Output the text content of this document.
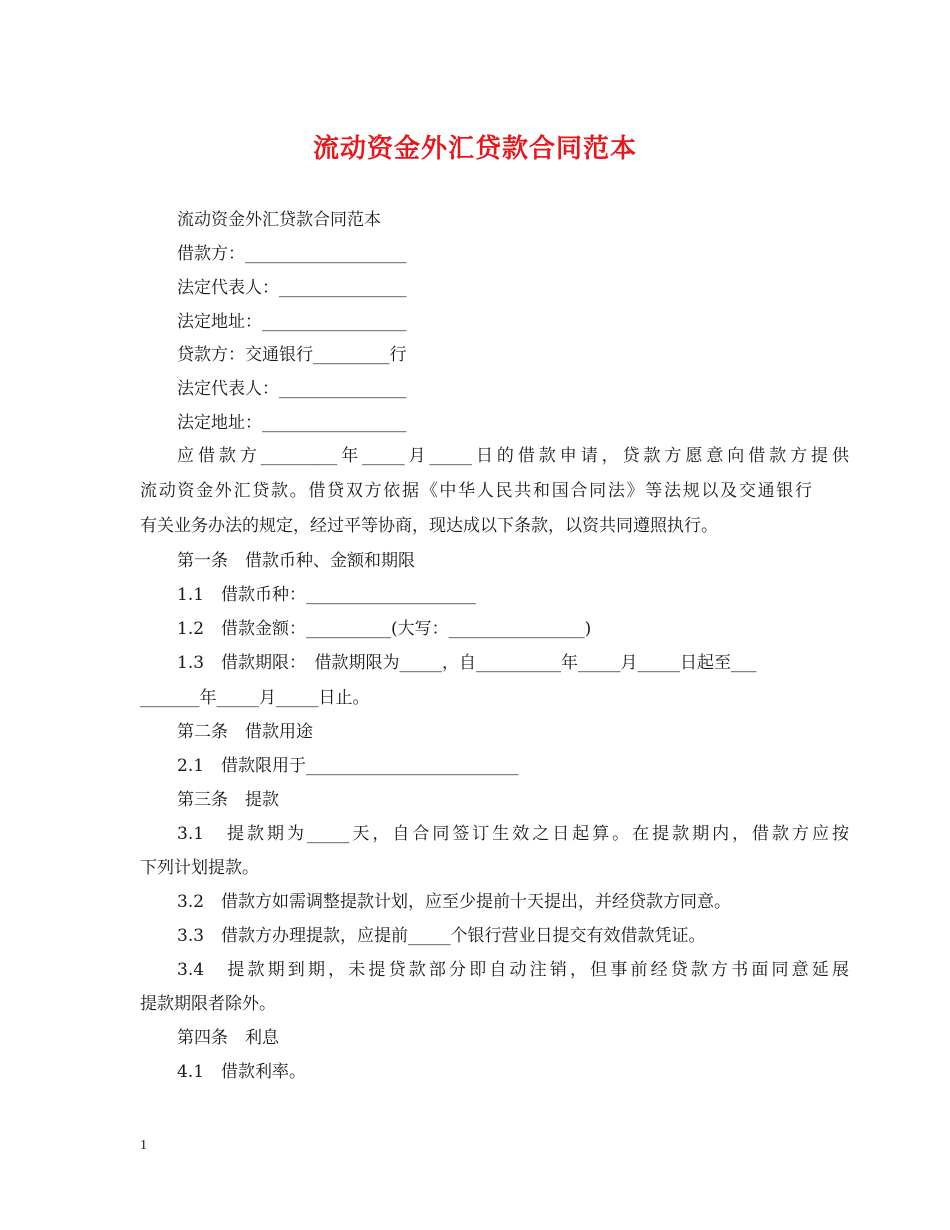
流动资金外汇贷款合同范本
流动资金外汇贷款合同范本
借款方：___________________
法定代表人：_______________
法定地址：_________________
贷款方：交通银行_________行
法定代表人：_______________
法定地址：_________________
应借款方_________年_____月_____日的借款申请，贷款方愿意向借款方提供
流动资金外汇贷款。借贷双方依据《中华人民共和国合同法》等法规以及交通银行
有关业务办法的规定，经过平等协商，现达成以下条款，以资共同遵照执行。
第一条　借款币种、金额和期限
1.1　借款币种：____________________
1.2　借款金额：__________(大写：________________)
1.3　借款期限：　借款期限为_____，自__________年_____月_____日起至___
_______年_____月_____日止。
第二条　借款用途
2.1　借款限用于_________________________
第三条　提款
3.1　提款期为_____天，自合同签订生效之日起算。在提款期内，借款方应按
下列计划提款。
3.2　借款方如需调整提款计划，应至少提前十天提出，并经贷款方同意。
3.3　借款方办理提款，应提前_____个银行营业日提交有效借款凭证。
3.4　提款期到期，未提贷款部分即自动注销，但事前经贷款方书面同意延展
提款期限者除外。
第四条　利息
4.1　借款利率。
1
